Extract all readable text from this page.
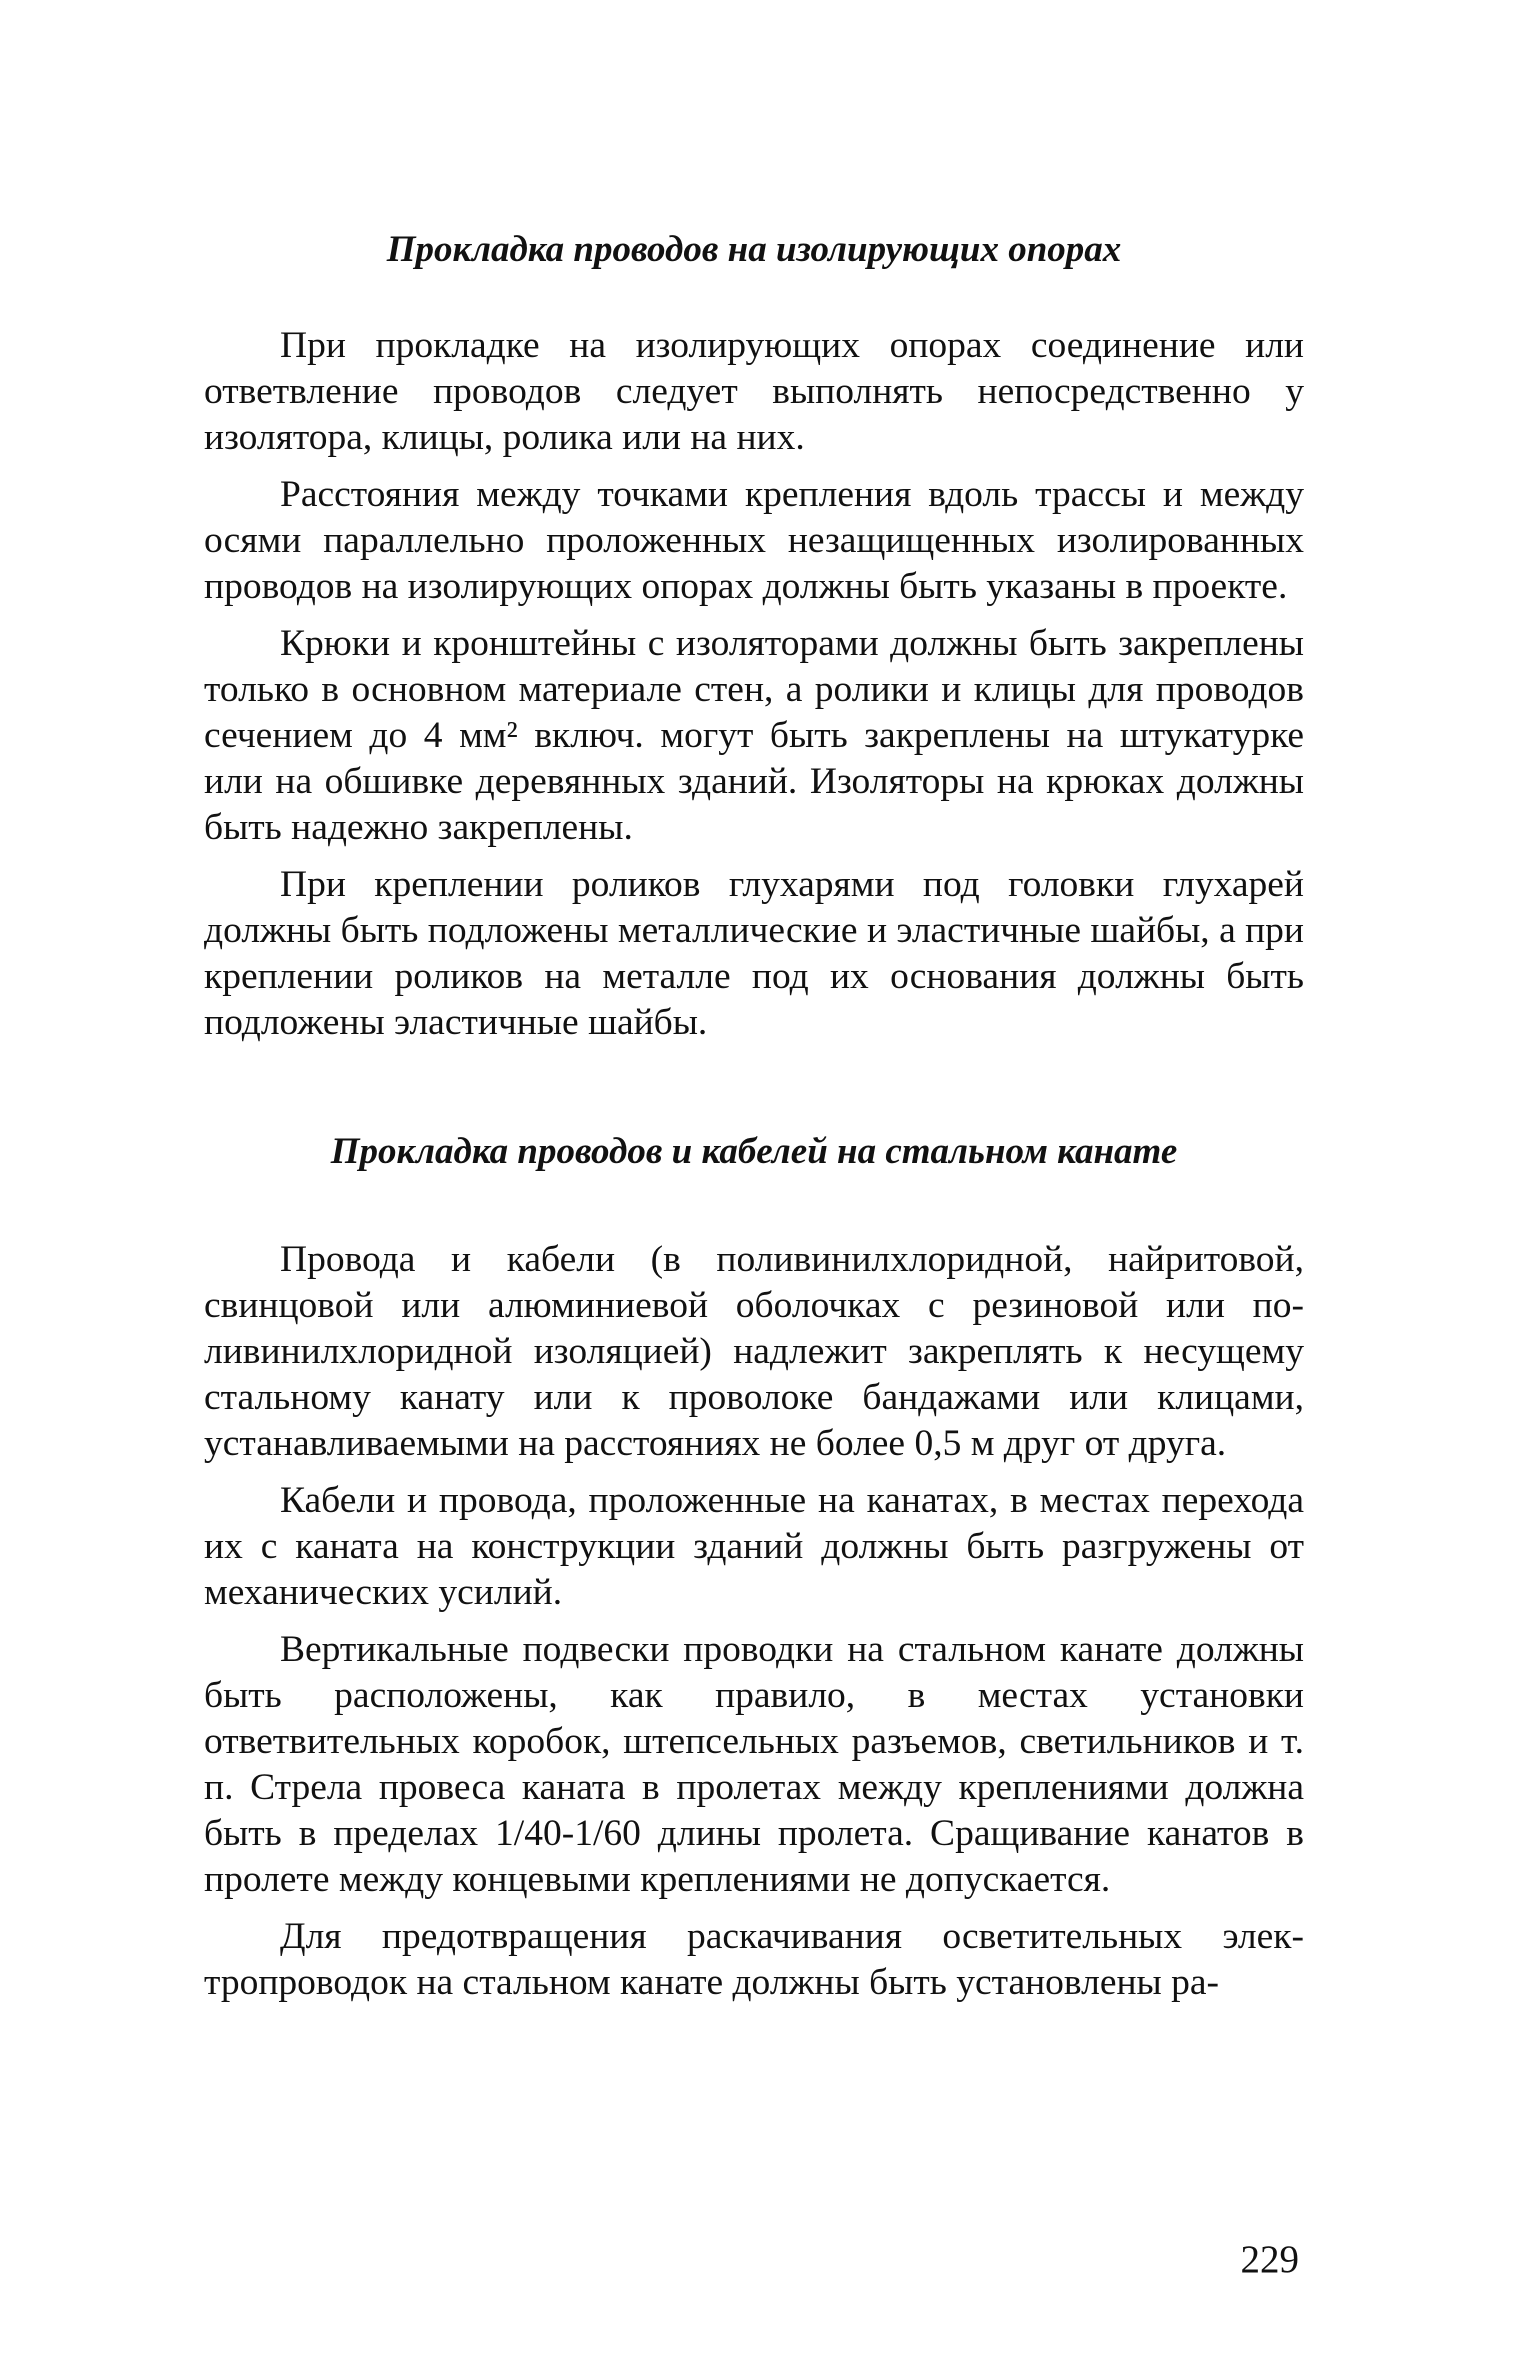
Прокладка проводов на изолирующих опорах

При прокладке на изолирующих опорах соединение или ответвление проводов следует выполнять непосредственно у изолятора, клицы, ролика или на них.

Расстояния между точками крепления вдоль трассы и между осями параллельно проложенных незащищенных изолированных проводов на изолирующих опорах должны быть указаны в проекте.

Крюки и кронштейны с изоляторами должны быть закреплены только в основном материале стен, а ролики и клицы для проводов сечением до 4 мм² включ. могут быть закреплены на штукатурке или на обшивке деревянных зданий. Изоляторы на крюках должны быть надежно закреплены.

При креплении роликов глухарями под головки глухарей должны быть подложены металлические и эластичные шайбы, а при креплении роликов на металле под их основания должны быть подложены эластичные шайбы.

Прокладка проводов и кабелей на стальном канате

Провода и кабели (в поливинилхлоридной, найритовой, свинцовой или алюминиевой оболочках с резиновой или поливинилхлоридной изоляцией) надлежит закреплять к несущему стальному канату или к проволоке бандажами или клицами, устанавливаемыми на расстояниях не более 0,5 м друг от друга.

Кабели и провода, проложенные на канатах, в местах перехода их с каната на конструкции зданий должны быть разгружены от механических усилий.

Вертикальные подвески проводки на стальном канате должны быть расположены, как правило, в местах установки ответвительных коробок, штепсельных разъемов, светильников и т. п. Стрела провеса каната в пролетах между креплениями должна быть в пределах 1/40-1/60 длины пролета. Сращивание канатов в пролете между концевыми креплениями не допускается.

Для предотвращения раскачивания осветительных электропроводок на стальном канате должны быть установлены ра-

229
